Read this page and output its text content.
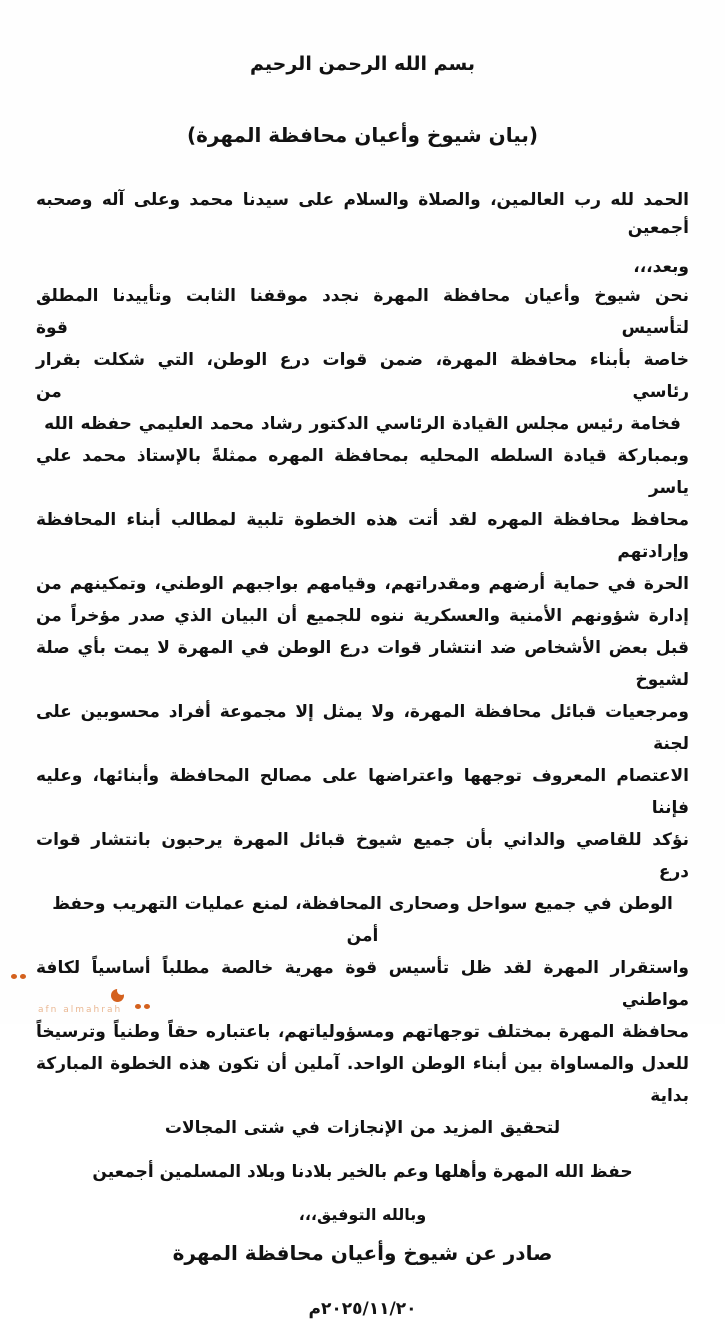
بسم الله الرحمن الرحيم
(بيان شيوخ وأعيان محافظة المهرة)
الحمد لله رب العالمين، والصلاة والسلام على سيدنا محمد وعلى آله وصحبه أجمعين
وبعد،،،
نحن شيوخ وأعيان محافظة المهرة نجدد موقفنا الثابت وتأييدنا المطلق لتأسيس قوة
خاصة بأبناء محافظة المهرة، ضمن قوات درع الوطن، التي شكلت بقرار رئاسي من
فخامة رئيس مجلس القيادة الرئاسي الدكتور رشاد محمد العليمي حفظه الله
وبمباركة قيادة السلطه المحليه بمحافظة المهره ممثلةً بالإستاذ محمد علي ياسر
محافظ محافظة المهره لقد أتت هذه الخطوة تلبية لمطالب أبناء المحافظة وإرادتهم
الحرة في حماية أرضهم ومقدراتهم، وقيامهم بواجبهم الوطني، وتمكينهم من
إدارة شؤونهم الأمنية والعسكرية ننوه للجميع أن البيان الذي صدر مؤخراً من
قبل بعض الأشخاص ضد انتشار قوات درع الوطن في المهرة لا يمت بأي صلة لشيوخ
ومرجعيات قبائل محافظة المهرة، ولا يمثل إلا مجموعة أفراد محسوبين على لجنة
الاعتصام المعروف توجهها واعتراضها على مصالح المحافظة وأبنائها، وعليه فإننا
نؤكد للقاصي والداني بأن جميع شيوخ قبائل المهرة يرحبون بانتشار قوات درع
الوطن في جميع سواحل وصحارى المحافظة، لمنع عمليات التهريب وحفظ أمن
واستقرار المهرة لقد ظل تأسيس قوة مهرية خالصة مطلباً أساسياً لكافة مواطني
محافظة المهرة بمختلف توجهاتهم ومسؤولياتهم، باعتباره حقاً وطنياً وترسيخاً
للعدل والمساواة بين أبناء الوطن الواحد. آملين أن تكون هذه الخطوة المباركة بداية
لتحقيق المزيد من الإنجازات في شتى المجالات
حفظ الله المهرة وأهلها وعم بالخير بلادنا وبلاد المسلمين أجمعين
وبالله التوفيق،،،
صادر عن شيوخ وأعيان محافظة المهرة
٢٠٢٥/١١/٢٠م
afn almahrah
